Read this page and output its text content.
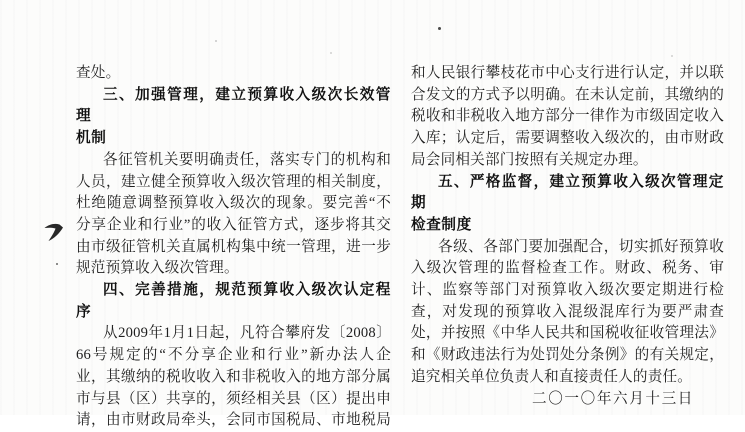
查处。
三、加强管理，建立预算收入级次长效管理
机制
各征管机关要明确责任，落实专门的机构和
人员，建立健全预算收入级次管理的相关制度，
杜绝随意调整预算收入级次的现象。要完善“不
分享企业和行业”的收入征管方式，逐步将其交
由市级征管机关直属机构集中统一管理，进一步
规范预算收入级次管理。
四、完善措施，规范预算收入级次认定程序
从2009年1月1日起，凡符合攀府发〔2008〕
66号规定的“不分享企业和行业”新办法人企
业，其缴纳的税收收入和非税收入的地方部分属
市与县（区）共享的，须经相关县（区）提出申
请，由市财政局牵头，会同市国税局、市地税局
和人民银行攀枝花市中心支行进行认定，并以联
合发文的方式予以明确。在未认定前，其缴纳的
税收和非税收入地方部分一律作为市级固定收入
入库；认定后，需要调整收入级次的，由市财政
局会同相关部门按照有关规定办理。
五、严格监督，建立预算收入级次管理定期
检查制度
各级、各部门要加强配合，切实抓好预算收
入级次管理的监督检查工作。财政、税务、审
计、监察等部门对预算收入级次要定期进行检
查，对发现的预算收入混级混库行为要严肃查
处，并按照《中华人民共和国税收征收管理法》
和《财政违法行为处罚处分条例》的有关规定，
追究相关单位负责人和直接责任人的责任。
二〇一〇年六月十三日
